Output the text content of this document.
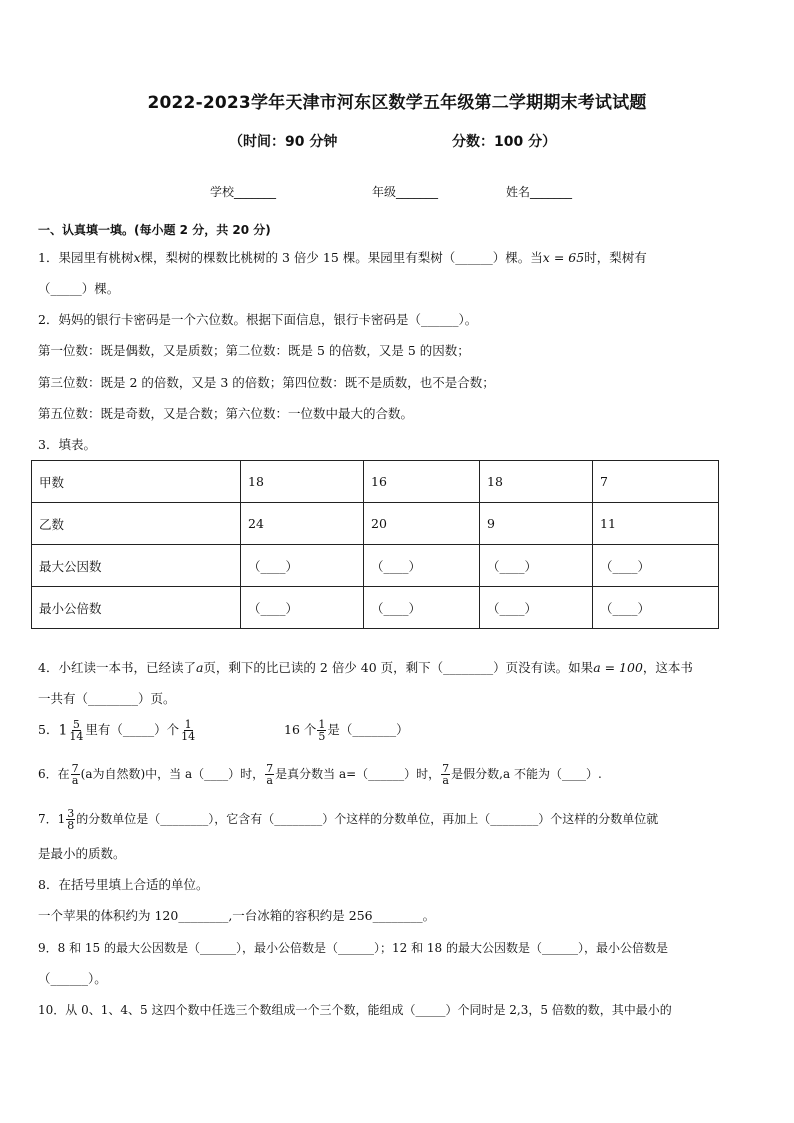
2022-2023学年天津市河东区数学五年级第二学期期末考试试题
（时间：90 分钟	分数：100 分）
学校_______	年级_______	姓名_______
一、认真填一填。(每小题 2 分，共 20 分)
1．果园里有桃树x棵，梨树的棵数比桃树的 3 倍少 15 棵。果园里有梨树（______）棵。当x = 65时，梨树有
（_____）棵。
2．妈妈的银行卡密码是一个六位数。根据下面信息，银行卡密码是（______）。
第一位数：既是偶数，又是质数；第二位数：既是 5 的倍数，又是 5 的因数；
第三位数：既是 2 的倍数，又是 3 的倍数；第四位数：既不是质数，也不是合数；
第五位数：既是奇数，又是合数；第六位数：一位数中最大的合数。
3．填表。
甲数	18	16	18	7
乙数	24	20	9	11
最大公因数	（____）	（____）	（____）	（____）
最小公倍数	（____）	（____）	（____）	（____）
4．小红读一本书，已经读了a页，剩下的比已读的 2 倍少 40 页，剩下（________）页没有读。如果a = 100，这本书
一共有（________）页。
5．$1 \frac{5}{14}$ 里有（_____）个 $\frac{1}{14}$	16 个 $\frac{1}{5}$ 是（_______）
6．在 $\frac{7}{a} (a$为自然数)中，当 a（____）时， $\frac{7}{a}$ 是真分数当 a=（______）时， $\frac{7}{a}$ 是假分数,a 不能为（____）.
7．$1 \frac{3}{8}$ 的分数单位是（________），它含有（________）个这样的分数单位，再加上（________）个这样的分数单位就
是最小的质数。
8．在括号里填上合适的单位。
一个苹果的体积约为 120________,一台冰箱的容积约是 256________。
9．8 和 15 的最大公因数是（______），最小公倍数是（______）；12 和 18 的最大公因数是（______），最小公倍数是
（______）。
10．从 0、1、4、5 这四个数中任选三个数组成一个三个数，能组成（_____）个同时是 2,3，5 倍数的数，其中最小的
